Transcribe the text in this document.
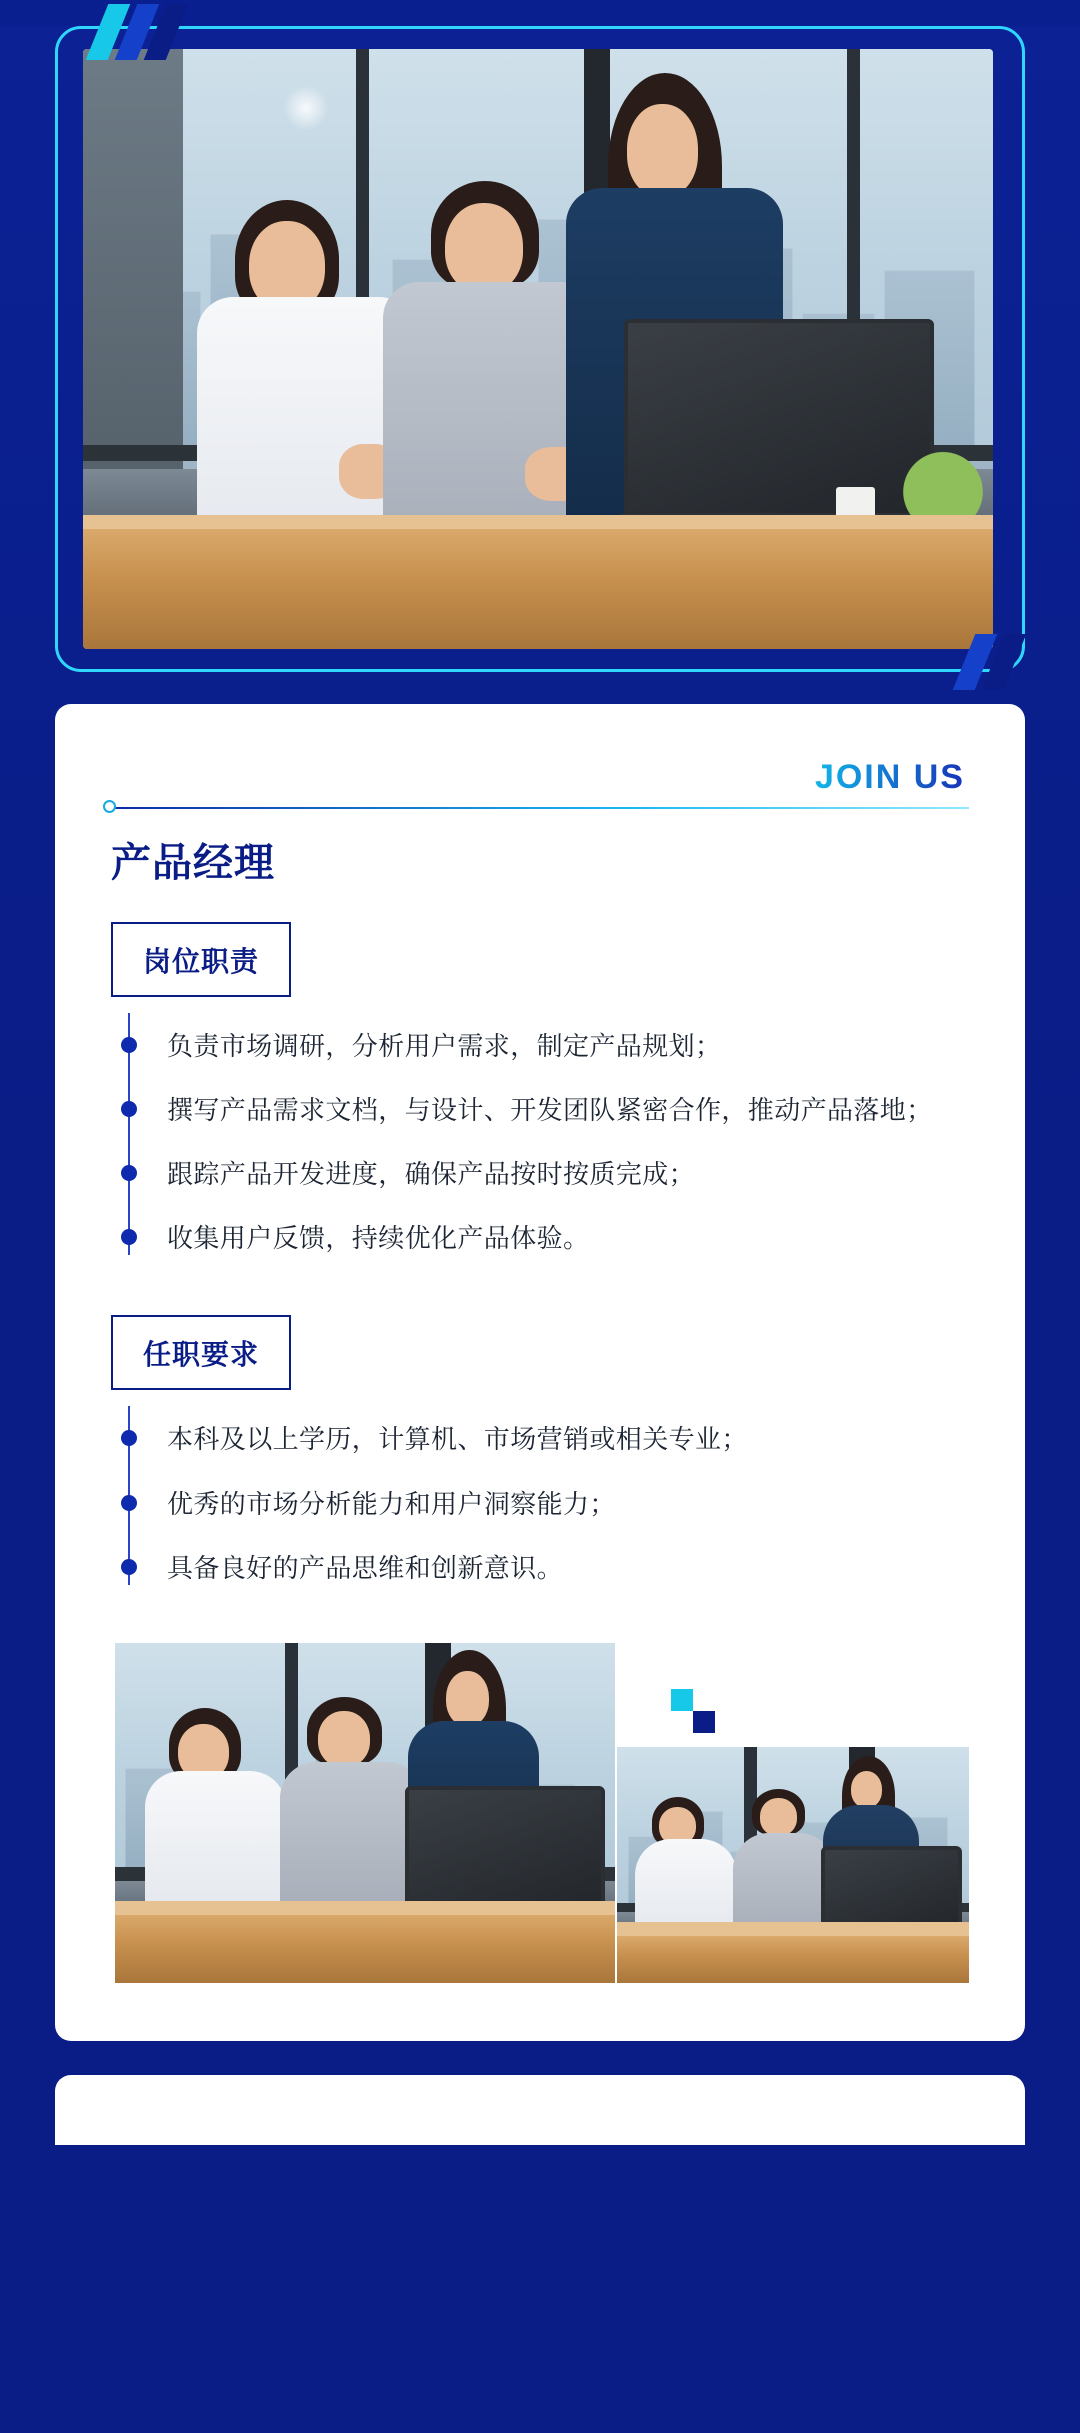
JOIN US
产品经理
岗位职责
负责市场调研，分析用户需求，制定产品规划；
撰写产品需求文档，与设计、开发团队紧密合作，推动产品落地；
跟踪产品开发进度，确保产品按时按质完成；
收集用户反馈，持续优化产品体验。
任职要求
本科及以上学历，计算机、市场营销或相关专业；
优秀的市场分析能力和用户洞察能力；
具备良好的产品思维和创新意识。
